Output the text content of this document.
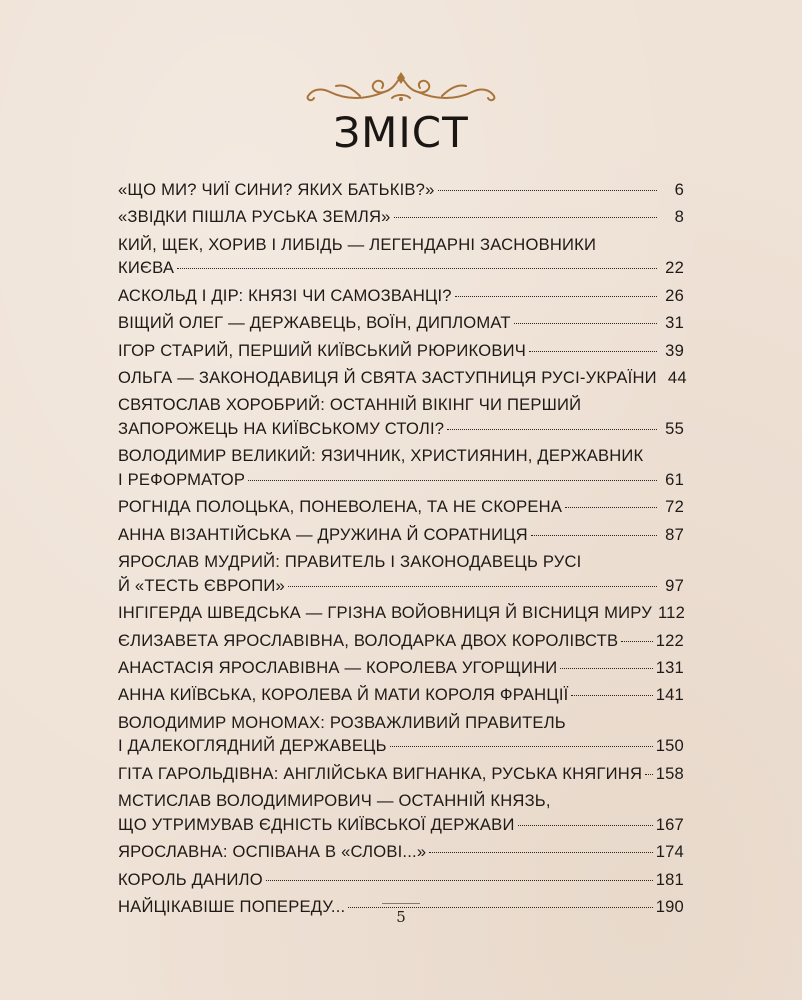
ЗМІСТ
«ЩО МИ? ЧИЇ СИНИ? ЯКИХ БАТЬКІВ?»	6
«ЗВІДКИ ПІШЛА РУСЬКА ЗЕМЛЯ»	8
КИЙ, ЩЕК, ХОРИВ І ЛИБІДЬ — ЛЕГЕНДАРНІ ЗАСНОВНИКИ
КИЄВА	22
АСКОЛЬД І ДІР: КНЯЗІ ЧИ САМОЗВАНЦІ?	26
ВІЩИЙ ОЛЕГ — ДЕРЖАВЕЦЬ, ВОЇН, ДИПЛОМАТ	31
ІГОР СТАРИЙ, ПЕРШИЙ КИЇВСЬКИЙ РЮРИКОВИЧ	39
ОЛЬГА — ЗАКОНОДАВИЦЯ Й СВЯТА ЗАСТУПНИЦЯ РУСІ-УКРАЇНИ 44
СВЯТОСЛАВ ХОРОБРИЙ: ОСТАННІЙ ВІКІНГ ЧИ ПЕРШИЙ
ЗАПОРОЖЕЦЬ НА КИЇВСЬКОМУ СТОЛІ?	55
ВОЛОДИМИР ВЕЛИКИЙ: ЯЗИЧНИК, ХРИСТИЯНИН, ДЕРЖАВНИК
І РЕФОРМАТОР	61
РОГНІДА ПОЛОЦЬКА, ПОНЕВОЛЕНА, ТА НЕ СКОРЕНА	72
АННА ВІЗАНТІЙСЬКА — ДРУЖИНА Й СОРАТНИЦЯ	87
ЯРОСЛАВ МУДРИЙ: ПРАВИТЕЛЬ І ЗАКОНОДАВЕЦЬ РУСІ
Й «ТЕСТЬ ЄВРОПИ»	97
ІНГІГЕРДА ШВЕДСЬКА — ГРІЗНА ВОЙОВНИЦЯ Й ВІСНИЦЯ МИРУ 112
ЄЛИЗАВЕТА ЯРОСЛАВІВНА, ВОЛОДАРКА ДВОХ КОРОЛІВСТВ 122
АНАСТАСІЯ ЯРОСЛАВІВНА — КОРОЛЕВА УГОРЩИНИ	131
АННА КИЇВСЬКА, КОРОЛЕВА Й МАТИ КОРОЛЯ ФРАНЦІЇ	141
ВОЛОДИМИР МОНОМАХ: РОЗВАЖЛИВИЙ ПРАВИТЕЛЬ
І ДАЛЕКОГЛЯДНИЙ ДЕРЖАВЕЦЬ	150
ГІТА ГАРОЛЬДІВНА: АНГЛІЙСЬКА ВИГНАНКА, РУСЬКА КНЯГИНЯ 158
МСТИСЛАВ ВОЛОДИМИРОВИЧ — ОСТАННІЙ КНЯЗЬ,
ЩО УТРИМУВАВ ЄДНІСТЬ КИЇВСЬКОЇ ДЕРЖАВИ	167
ЯРОСЛАВНА: ОСПІВАНА В «СЛОВІ...»	174
КОРОЛЬ ДАНИЛО	181
НАЙЦІКАВІШЕ ПОПЕРЕДУ...	190
5
